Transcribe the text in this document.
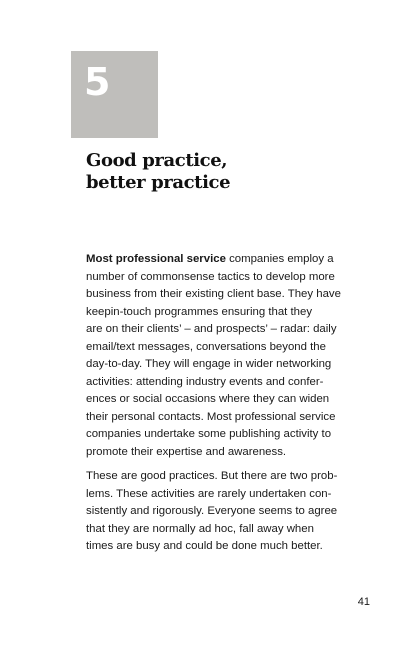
5
Good practice,
better practice

Most professional service companies employ a
number of commonsense tactics to develop more
business from their existing client base. They have
keepin-touch programmes ensuring that they
are on their clients’ – and prospects’ – radar: daily
email/text messages, conversations beyond the
day-to-day. They will engage in wider networking
activities: attending industry events and confer-
ences or social occasions where they can widen
their personal contacts. Most professional service
companies undertake some publishing activity to
promote their expertise and awareness.

These are good practices. But there are two prob-
lems. These activities are rarely undertaken con-
sistently and rigorously. Everyone seems to agree
that they are normally ad hoc, fall away when
times are busy and could be done much better.

41
